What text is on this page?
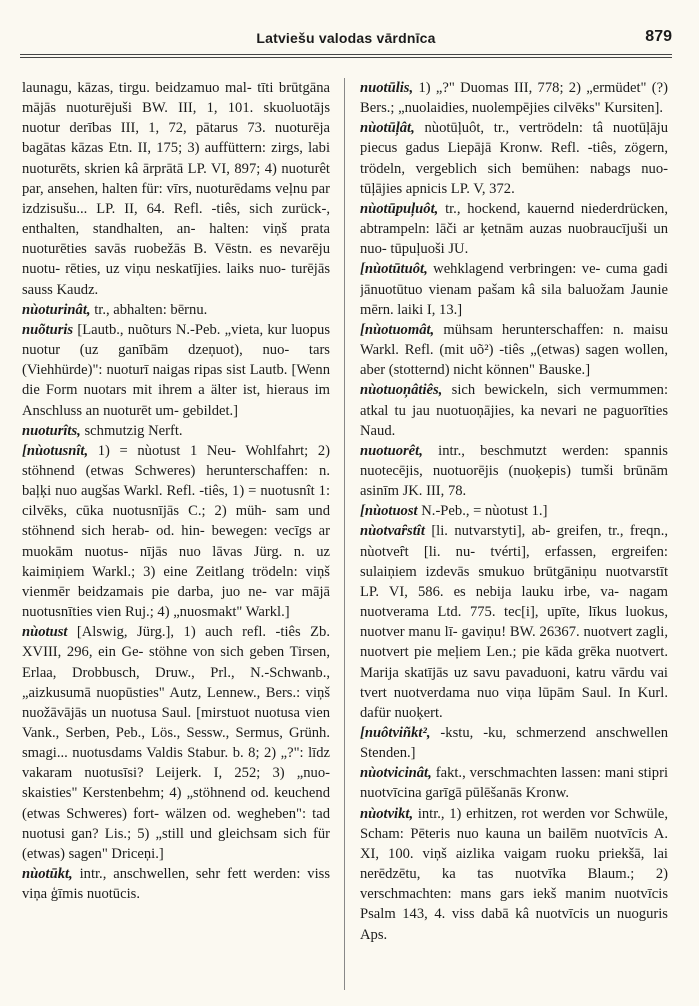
Latviešu valodas vārdnīca	879

launagu, kāzas, tirgu. beidzamuo mal- tīti brūtgāna mājās nuoturējuši BW. III, 1, 101. skuoluotājs nuotur derības III, 1, 72, pātarus 73. nuoturēja bagātas kāzas Etn. II, 175; 3) auffüttern: zirgs, labi nuoturēts, skrien kâ ārprātā LP. VI, 897; 4) nuoturêt par, ansehen, halten für: vīrs, nuoturēdams veļnu par izdzisušu... LP. II, 64. Refl. -tiês, sich zurück-, enthalten, standhalten, an- halten: viņš prata nuoturēties savās ruobežās B. Vēstn. es nevarēju nuotu- rēties, uz viņu neskatījies. laiks nuo- turējās sauss Kaudz.

nùoturinât, tr., abhalten: bērnu.

nuõturis [Lautb., nuõturs N.-Peb. „vieta, kur luopus nuotur (uz ganībām dzeņuot), nuo- tars (Viehhürde)": nuoturī naigas ripas sist Lautb. [Wenn die Form nuotars mit ihrem a älter ist, hieraus im Anschluss an nuoturēt um- gebildet.]

nuoturîts, schmutzig Nerft.

[nùotusnît, 1) = nùotust 1 Neu- Wohlfahrt; 2) stöhnend (etwas Schweres) herunterschaffen: n. baļķi nuo augšas Warkl. Refl. -tiês, 1) = nuotusnît 1: cilvēks, cūka nuotusnījās C.; 2) müh- sam und stöhnend sich herab- od. hin- bewegen: vecīgs ar muokām nuotus- nījās nuo lāvas Jürg. n. uz kaimiņiem Warkl.; 3) eine Zeitlang trödeln: viņš vienmēr beidzamais pie darba, juo ne- var mājā nuotusnīties vien Ruj.; 4) „nuosmakt" Warkl.]

nùotust [Alswig, Jürg.], 1) auch refl. -tiês Zb. XVIII, 296, ein Ge- stöhne von sich geben Tirsen, Erlaa, Drobbusch, Druw., Prl., N.-Schwanb., „aizkusumā nuopūsties" Autz, Lennew., Bers.: viņš nuožāvājās un nuotusa Saul. [mirstuot nuotusa vien Vank., Serben, Peb., Lös., Sessw., Sermus, Grünh. smagi... nuotusdams Valdis Stabur. b. 8; 2) „?": līdz vakaram nuotusīsi? Leijerk. I, 252; 3) „nuo- skaisties" Kerstenbehm; 4) „stöhnend od. keuchend (etwas Schweres) fort- wälzen od. wegheben": tad nuotusi gan? Lis.; 5) „still und gleichsam sich für (etwas) sagen" Driceņi.]

nùotūkt, intr., anschwellen, sehr fett werden: viss viņa ģīmis nuotūcis.

nuotūlis, 1) „?" Duomas III, 778; 2) „ermüdet" (?) Bers.; „nuolaidies, nuolempējies cilvēks" Kursiten].

nùotūļât, nùotūļuôt, tr., vertrödeln: tâ nuotūļāju piecus gadus Liepājā Kronw. Refl. -tiês, zögern, trödeln, vergeblich sich bemühen: nabags nuo- tūļājies apnicis LP. V, 372.

nùotūpuļuôt, tr., hockend, kauernd niederdrücken, abtrampeln: lāči ar ķetnām auzas nuobraucījuši un nuo- tūpuļuoši JU.

[nùotūtuôt, wehklagend verbringen: ve- cuma gadi jānuotūtuo vienam pašam kâ sila baluožam Jaunie mērn. laiki I, 13.]

[nùotuomât, mühsam herunterschaffen: n. maisu Warkl. Refl. (mit uõ²) -tiês „(etwas) sagen wollen, aber (stotternd) nicht können" Bauske.]

nùotuoņâtiês, sich bewickeln, sich vermummen: atkal tu jau nuotuoņājies, ka nevari ne paguorīties Naud.

nuotuorêt, intr., beschmutzt werden: spannis nuotecējis, nuotuorējis (nuoķepis) tumši brūnām asinīm JK. III, 78.

[nùotuost N.-Peb., = nùotust 1.]

nùotvaȓstît [li. nutvarstyti], ab- greifen, tr., freqn., nùotveȓt [li. nu- tvérti], erfassen, ergreifen: sulaiņiem izdevās smukuo brūtgāniņu nuotvarstīt LP. VI, 586. es nebija lauku irbe, va- nagam nuotverama Ltd. 775. tec[i], upīte, līkus luokus, nuotver manu lī- gaviņu! BW. 26367. nuotvert zagli, nuotvert pie meļiem Len.; pie kāda grēka nuotvert. Marija skatījās uz savu pavaduoni, katru vārdu vai tvert nuotverdama nuo viņa lūpām Saul. In Kurl. dafür nuoķert.

[nuôtviñkt², -kstu, -ku, schmerzend anschwellen Stenden.]

nùotvicinât, fakt., verschmachten lassen: mani stipri nuotvīcina garīgā pūlēšanās Kronw.

nùotvikt, intr., 1) erhitzen, rot werden vor Schwüle, Scham: Pēteris nuo kauna un bailēm nuotvīcis A. XI, 100. viņš aizlika vaigam ruoku priekšā, lai nerēdzētu, ka tas nuotvīka Blaum.; 2) verschmachten: mans gars iekš manim nuotvīcis Psalm 143, 4. viss dabā kâ nuotvīcis un nuoguris Aps.
